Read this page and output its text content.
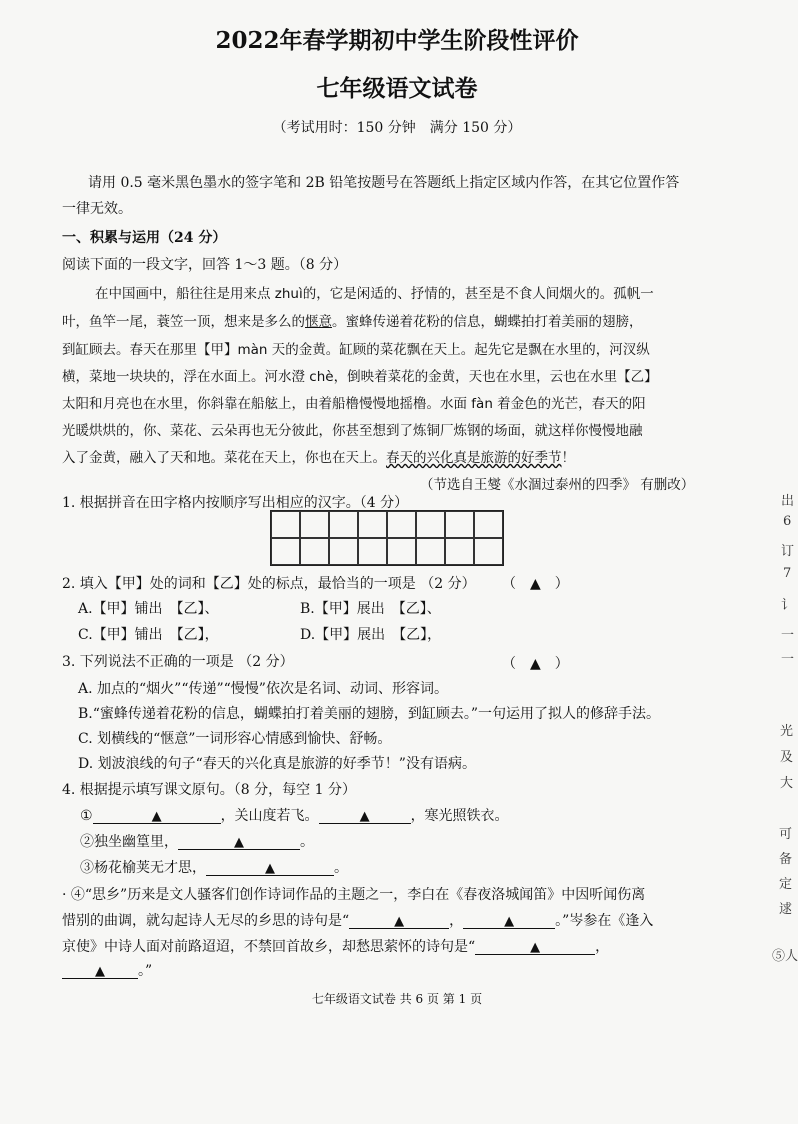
2022年春学期初中学生阶段性评价
七年级语文试卷
（考试用时：150 分钟　满分 150 分）
请用 0.5 毫米黑色墨水的签字笔和 2B 铅笔按题号在答题纸上指定区域内作答，在其它位置作答
一律无效。
一、积累与运用（24 分）
阅读下面的一段文字，回答 1～3 题。（8 分）
在中国画中，船往往是用来点 zhuì的，它是闲适的、抒情的，甚至是不食人间烟火的。孤帆一
叶，鱼竿一尾，蓑笠一顶，想来是多么的惬意。蜜蜂传递着花粉的信息，蝴蝶拍打着美丽的翅膀，
到缸顾去。春天在那里【甲】màn 天的金黄。缸顾的菜花飘在天上。起先它是飘在水里的，河汊纵
横，菜地一块块的，浮在水面上。河水澄 chè，倒映着菜花的金黄，天也在水里，云也在水里【乙】
太阳和月亮也在水里，你斜靠在船舷上，由着船橹慢慢地摇橹。水面 fàn 着金色的光芒，春天的阳
光暖烘烘的，你、菜花、云朵再也无分彼此，你甚至想到了炼铜厂炼钢的场面，就这样你慢慢地融
入了金黄，融入了天和地。菜花在天上，你也在天上。春天的兴化真是旅游的好季节！
（节选自王燮《水涸过泰州的四季》 有删改）
1. 根据拼音在田字格内按顺序写出相应的汉字。（4 分）
2. 填入【甲】处的词和【乙】处的标点，最恰当的一项是 （2 分） （　▲　）
A.【甲】铺出　【乙】、	B.【甲】展出　【乙】、
C.【甲】铺出　【乙】，	D.【甲】展出　【乙】，
3. 下列说法不正确的一项是 （2 分）	（　▲　）
A. 加点的“烟火”“传递”“慢慢”依次是名词、动词、形容词。
B.“蜜蜂传递着花粉的信息，蝴蝶拍打着美丽的翅膀，到缸顾去。”一句运用了拟人的修辞手法。
C. 划横线的“惬意”一词形容心情感到愉快、舒畅。
D. 划波浪线的句子“春天的兴化真是旅游的好季节！”没有语病。
4. 根据提示填写课文原句。（8 分，每空 1 分）
①	▲	，关山度若飞。	▲	，寒光照铁衣。
②独坐幽篁里，	▲	。
③杨花榆荚无才思，	▲	。
· ④“思乡”历来是文人骚客们创作诗词作品的主题之一，李白在《春夜洛城闻笛》中因听闻伤离
惜别的曲调，就勾起诗人无尽的乡思的诗句是“	▲	，	▲	。”岑参在《逢入
京使》中诗人面对前路迢迢，不禁回首故乡，却愁思萦怀的诗句是“	▲	，
▲ 。”
七年级语文试卷 共 6 页 第 1 页
岀
6
订
7
讠
一
一
光
及
大
可
备
定
逑
⑤人
